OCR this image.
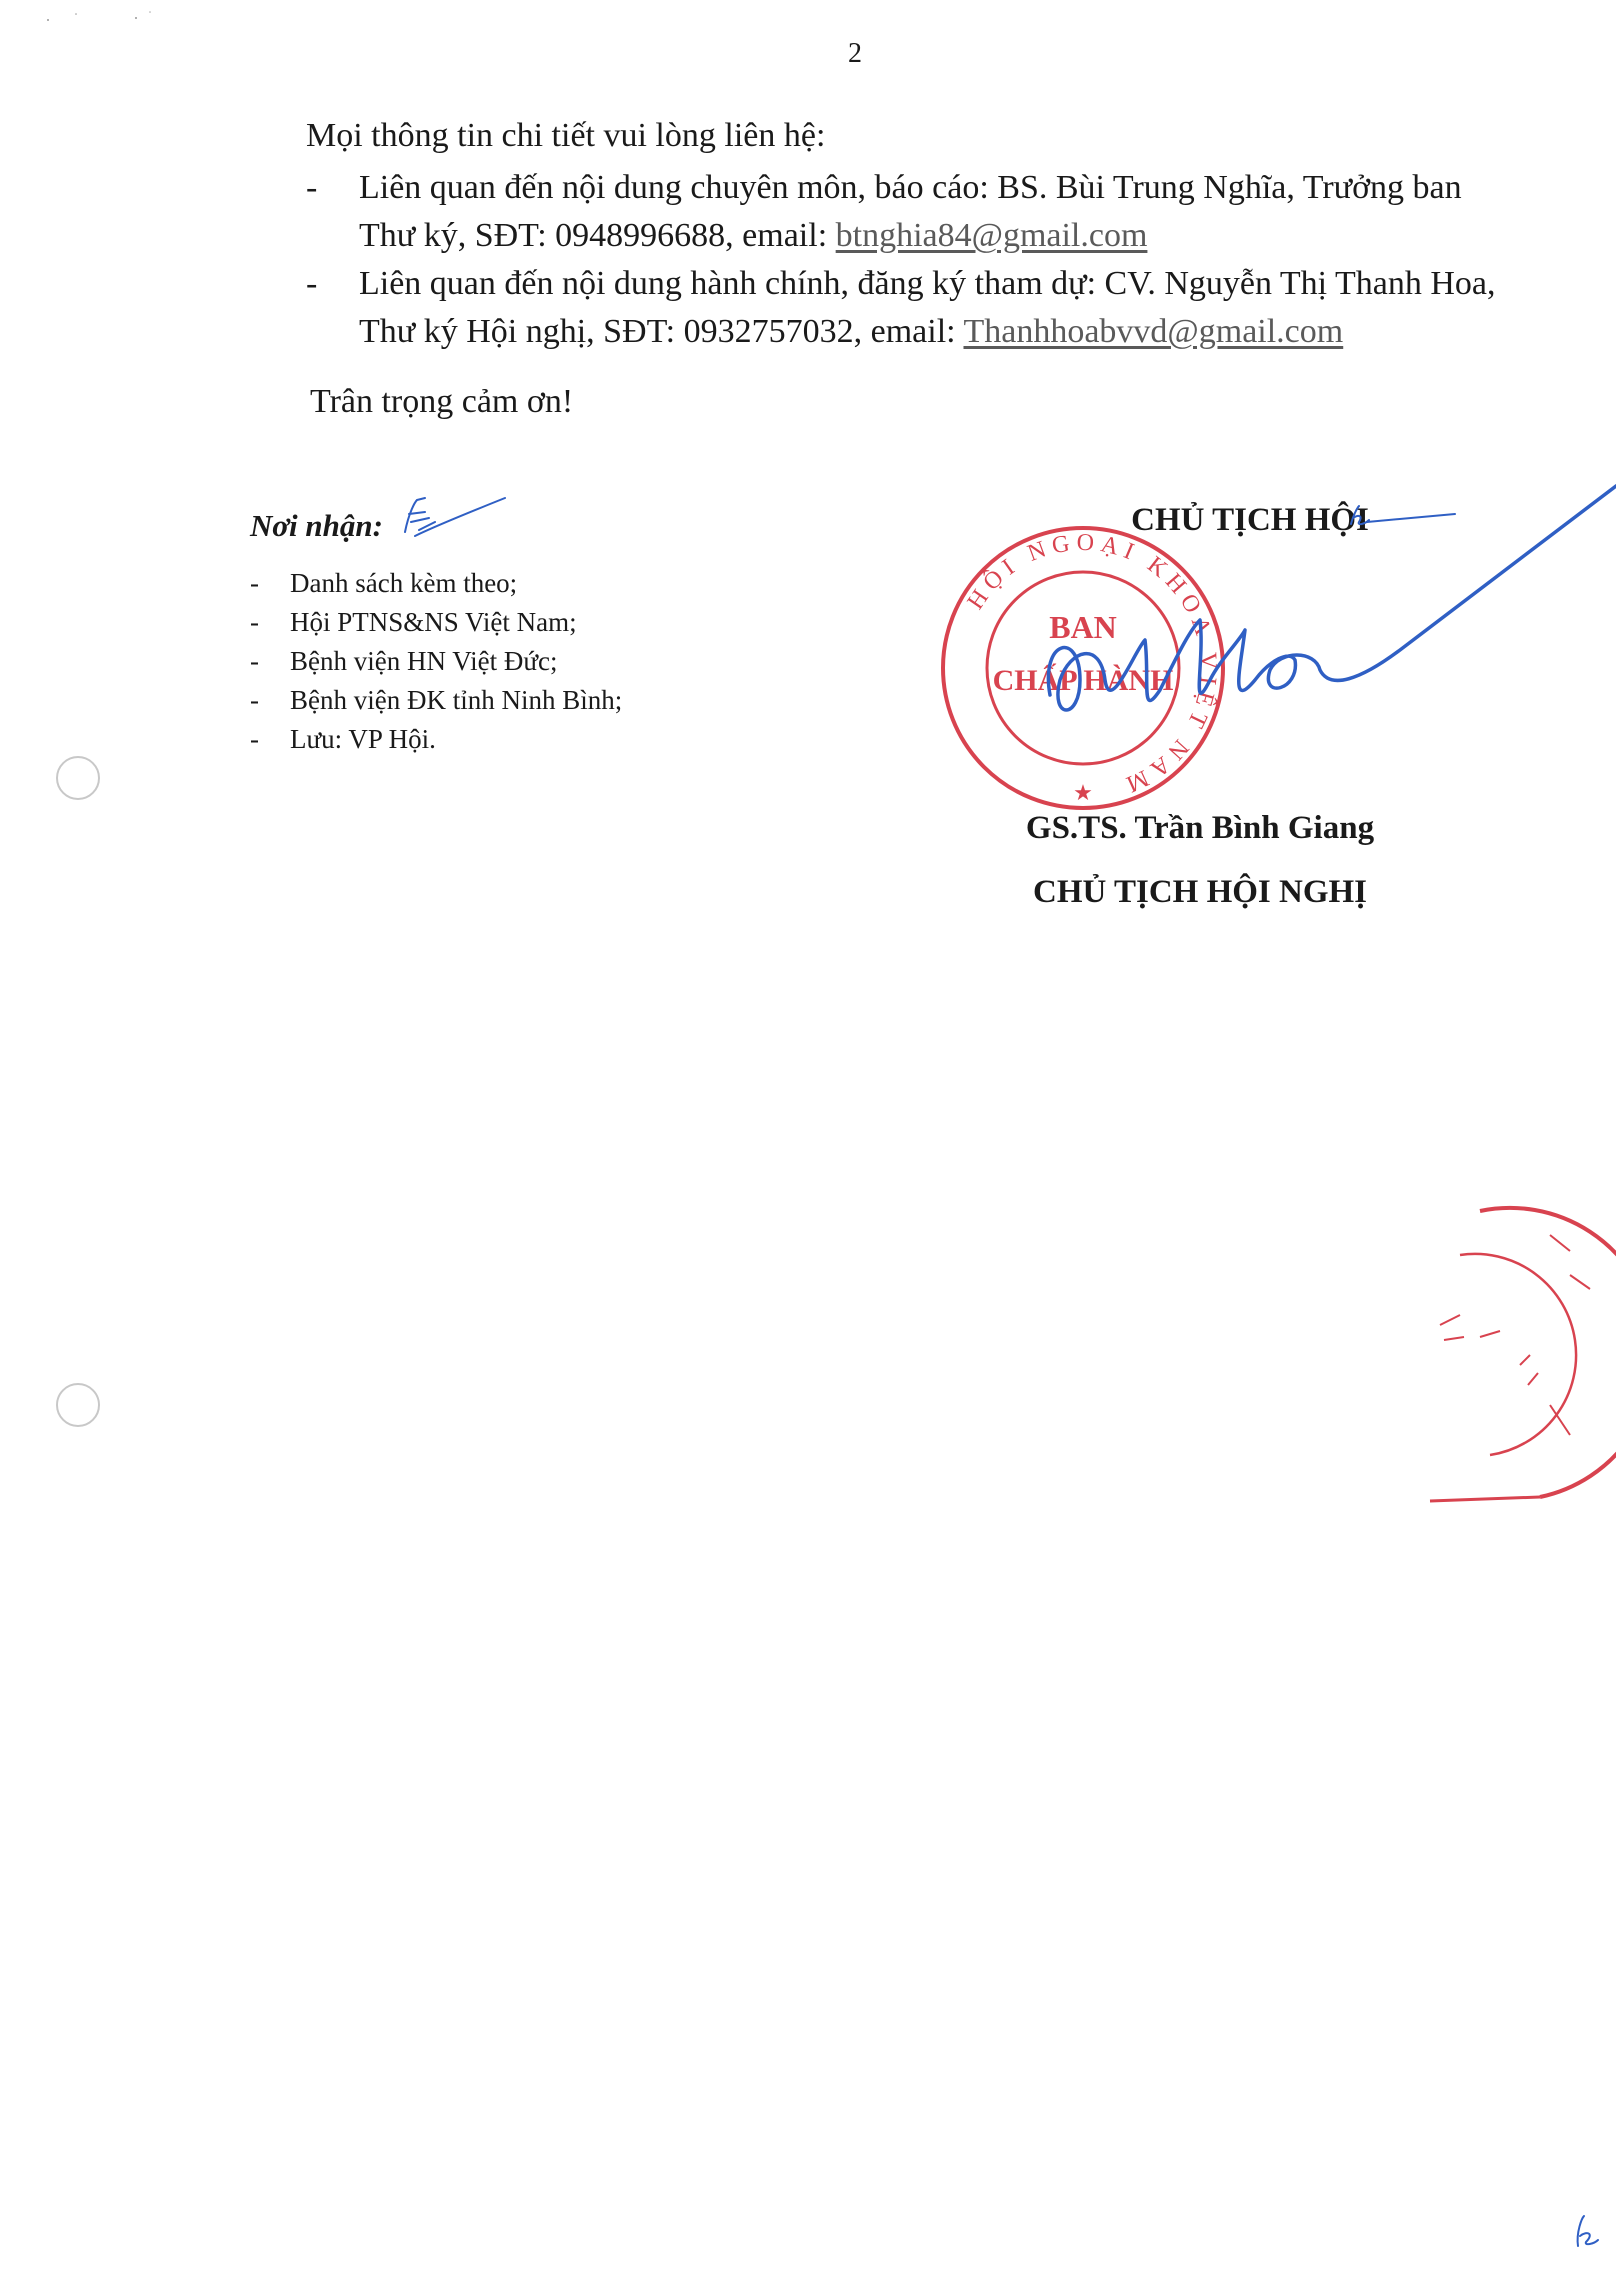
2

Mọi thông tin chi tiết vui lòng liên hệ:

- Liên quan đến nội dung chuyên môn, báo cáo: BS. Bùi Trung Nghĩa, Trưởng ban
Thư ký, SĐT: 0948996688, email: btnghia84@gmail.com
- Liên quan đến nội dung hành chính, đăng ký tham dự: CV. Nguyễn Thị Thanh Hoa,
Thư ký Hội nghị, SĐT: 0932757032, email: Thanhhoabvvd@gmail.com

Trân trọng cảm ơn!

Nơi nhận:

- Danh sách kèm theo;
- Hội PTNS&NS Việt Nam;
- Bệnh viện HN Việt Đức;
- Bệnh viện ĐK tỉnh Ninh Bình;
- Lưu: VP Hội.

CHỦ TỊCH HỘI

GS.TS. Trần Bình Giang
CHỦ TỊCH HỘI NGHỊ
HỘI NGOẠI KHOA VIỆT NAM
BAN
CHẤP HÀNH
★
